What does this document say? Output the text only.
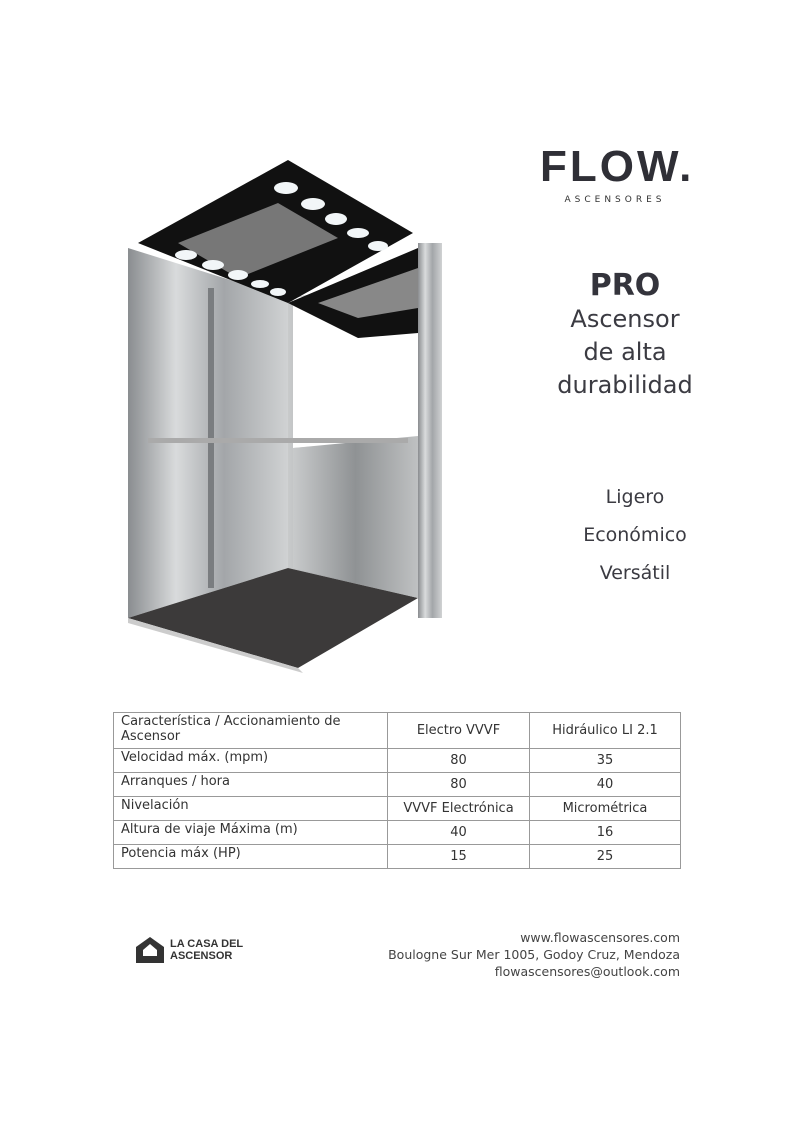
FLOW.
ASCENSORES
PRO
Ascensor
de alta
durabilidad
Ligero
Económico
Versátil
Característica / Accionamiento de Ascensor	Electro VVVF	Hidráulico LI 2.1
Velocidad máx. (mpm)	80	35
Arranques / hora	80	40
Nivelación	VVVF Electrónica	Micrométrica
Altura de viaje Máxima (m)	40	16
Potencia máx (HP)	15	25
LA CASA DEL
ASCENSOR
www.flowascensores.com
Boulogne Sur Mer 1005, Godoy Cruz, Mendoza
flowascensores@outlook.com
